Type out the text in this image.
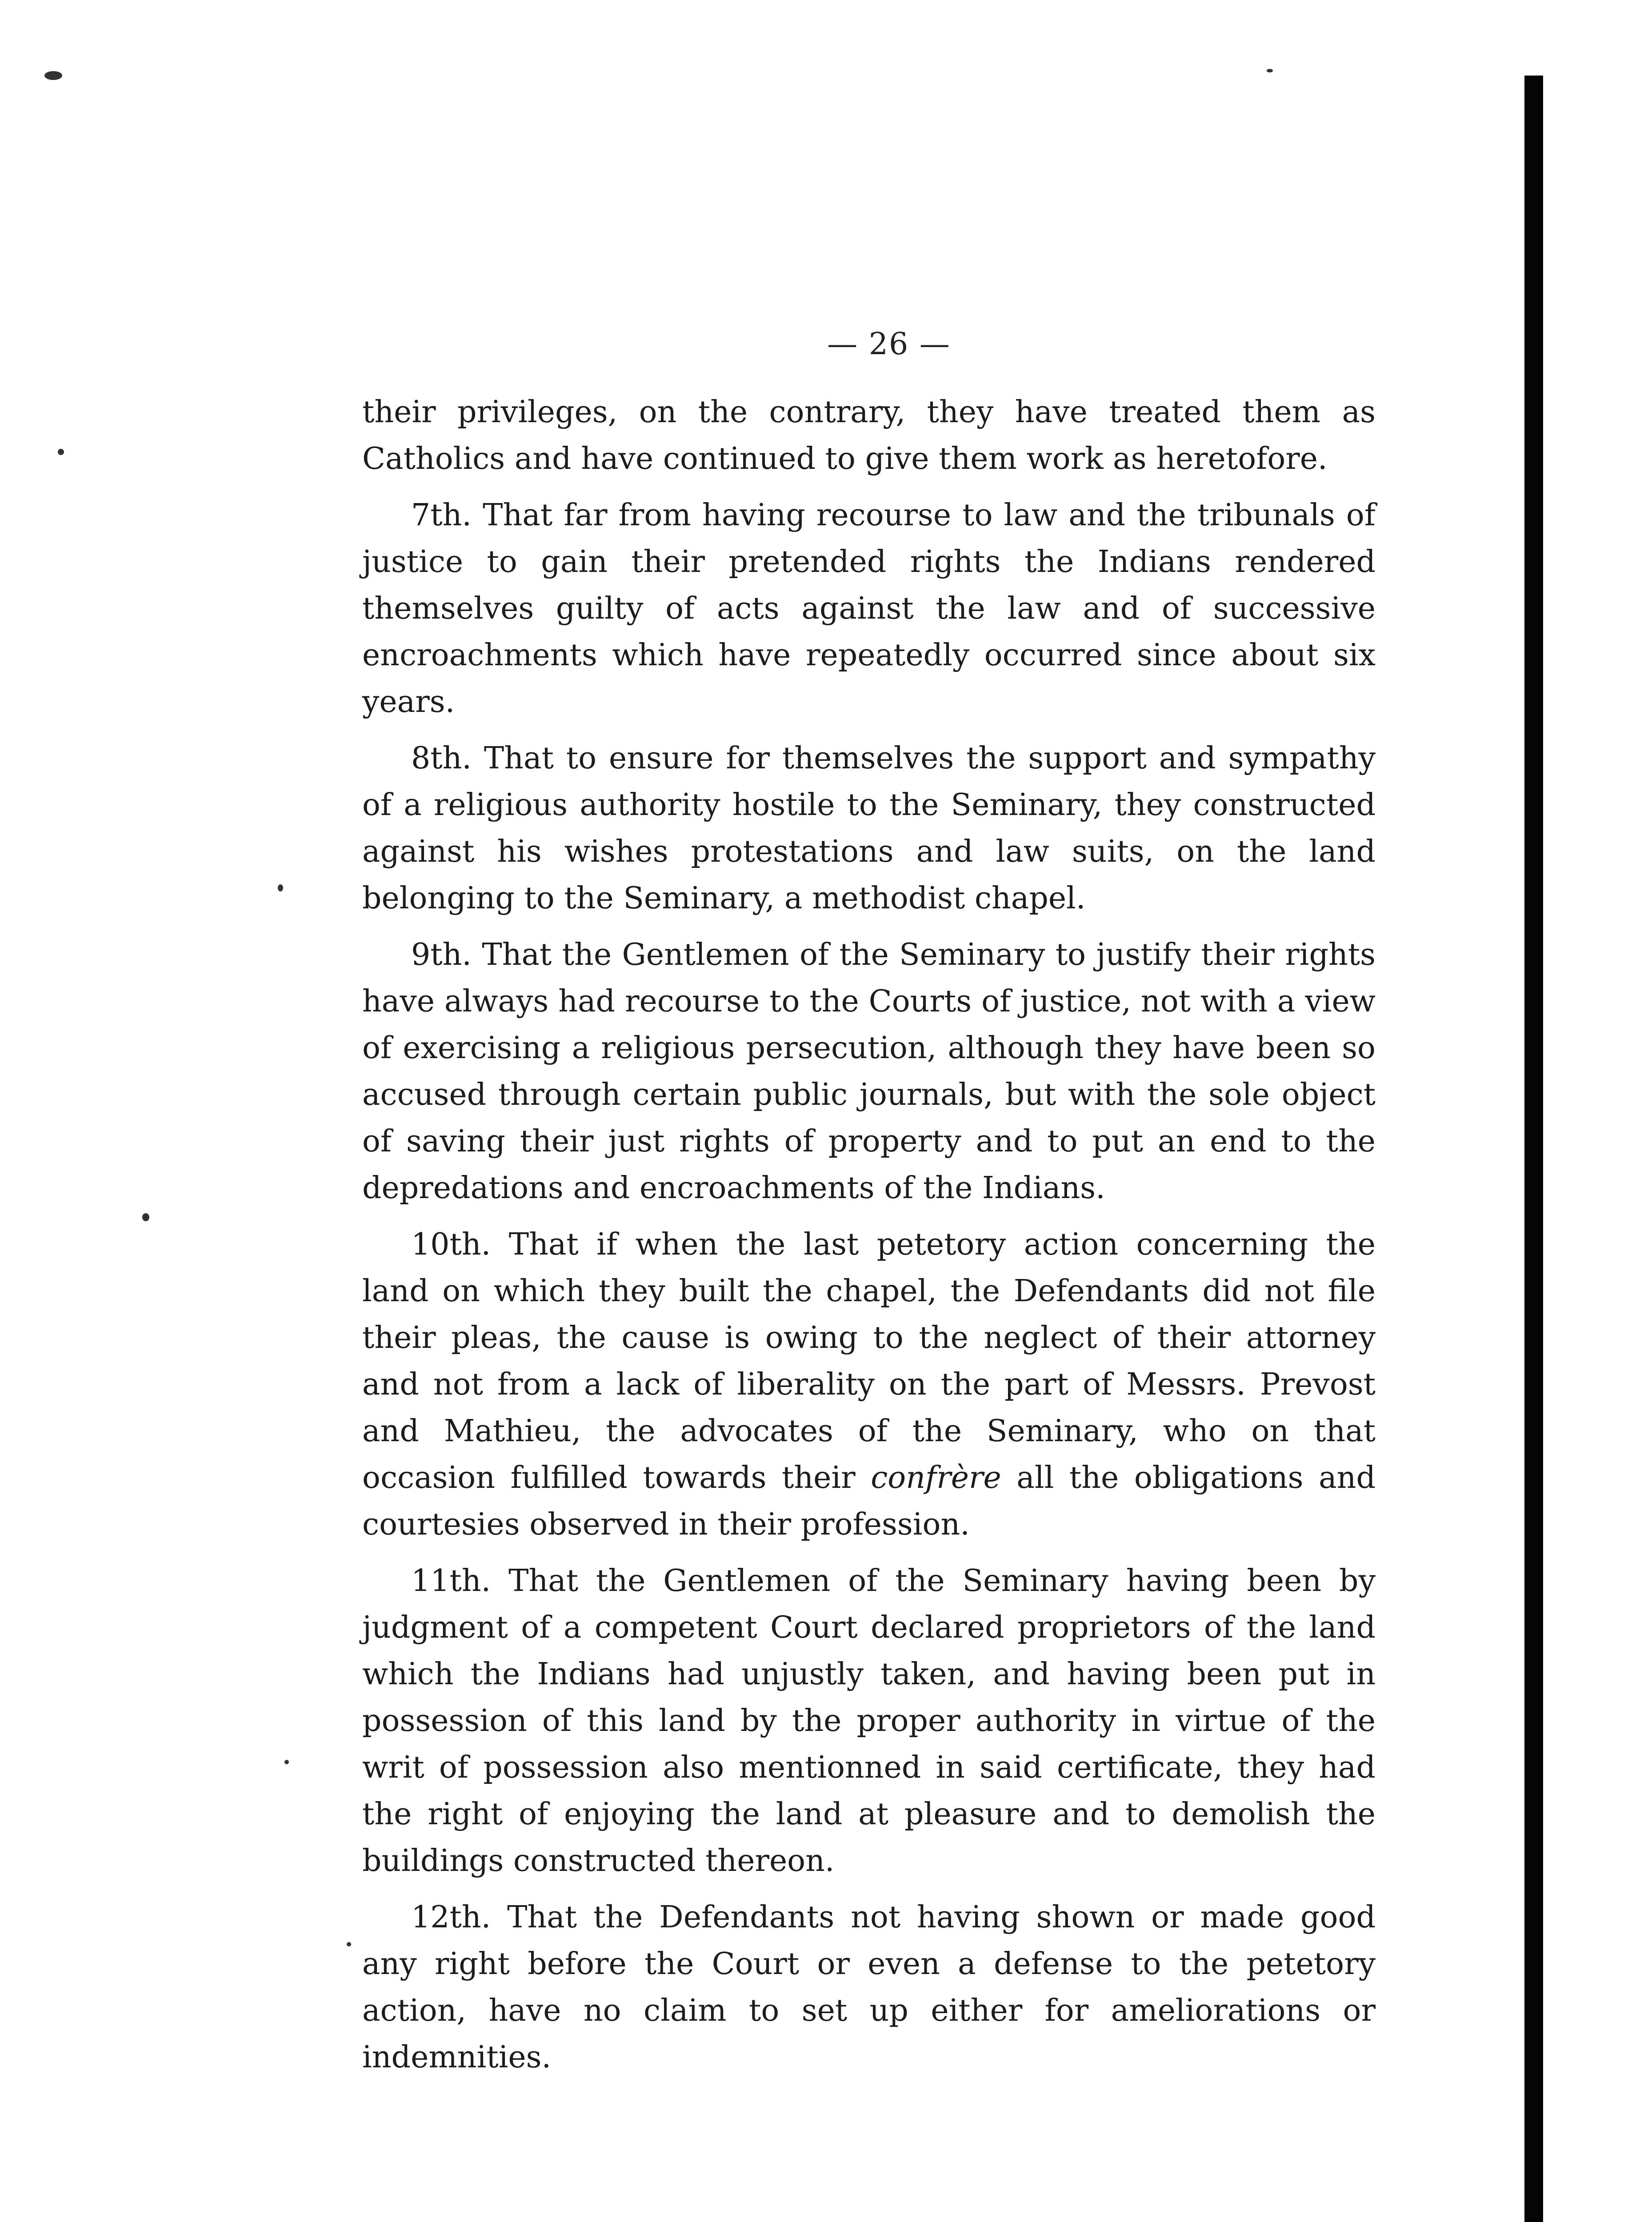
— 26 —

their privileges, on the contrary, they have treated them as Catholics and have continued to give them work as heretofore.

7th. That far from having recourse to law and the tribunals of justice to gain their pretended rights the Indians rendered themselves guilty of acts against the law and of successive encroachments which have repeatedly occurred since about six years.

8th. That to ensure for themselves the support and sympathy of a religious authority hostile to the Seminary, they constructed against his wishes protestations and law suits, on the land belonging to the Seminary, a methodist chapel.

9th. That the Gentlemen of the Seminary to justify their rights have always had recourse to the Courts of justice, not with a view of exercising a religious persecution, although they have been so accused through certain public journals, but with the sole object of saving their just rights of property and to put an end to the depredations and encroachments of the Indians.

10th. That if when the last petetory action concerning the land on which they built the chapel, the Defendants did not file their pleas, the cause is owing to the neglect of their attorney and not from a lack of liberality on the part of Messrs. Prevost and Mathieu, the advocates of the Seminary, who on that occasion fulfilled towards their confrère all the obligations and courtesies observed in their profession.

11th. That the Gentlemen of the Seminary having been by judgment of a competent Court declared proprietors of the land which the Indians had unjustly taken, and having been put in possession of this land by the proper authority in virtue of the writ of possession also mentionned in said certificate, they had the right of enjoying the land at pleasure and to demolish the buildings constructed thereon.

12th. That the Defendants not having shown or made good any right before the Court or even a defense to the petetory action, have no claim to set up either for ameliorations or indemnities.
